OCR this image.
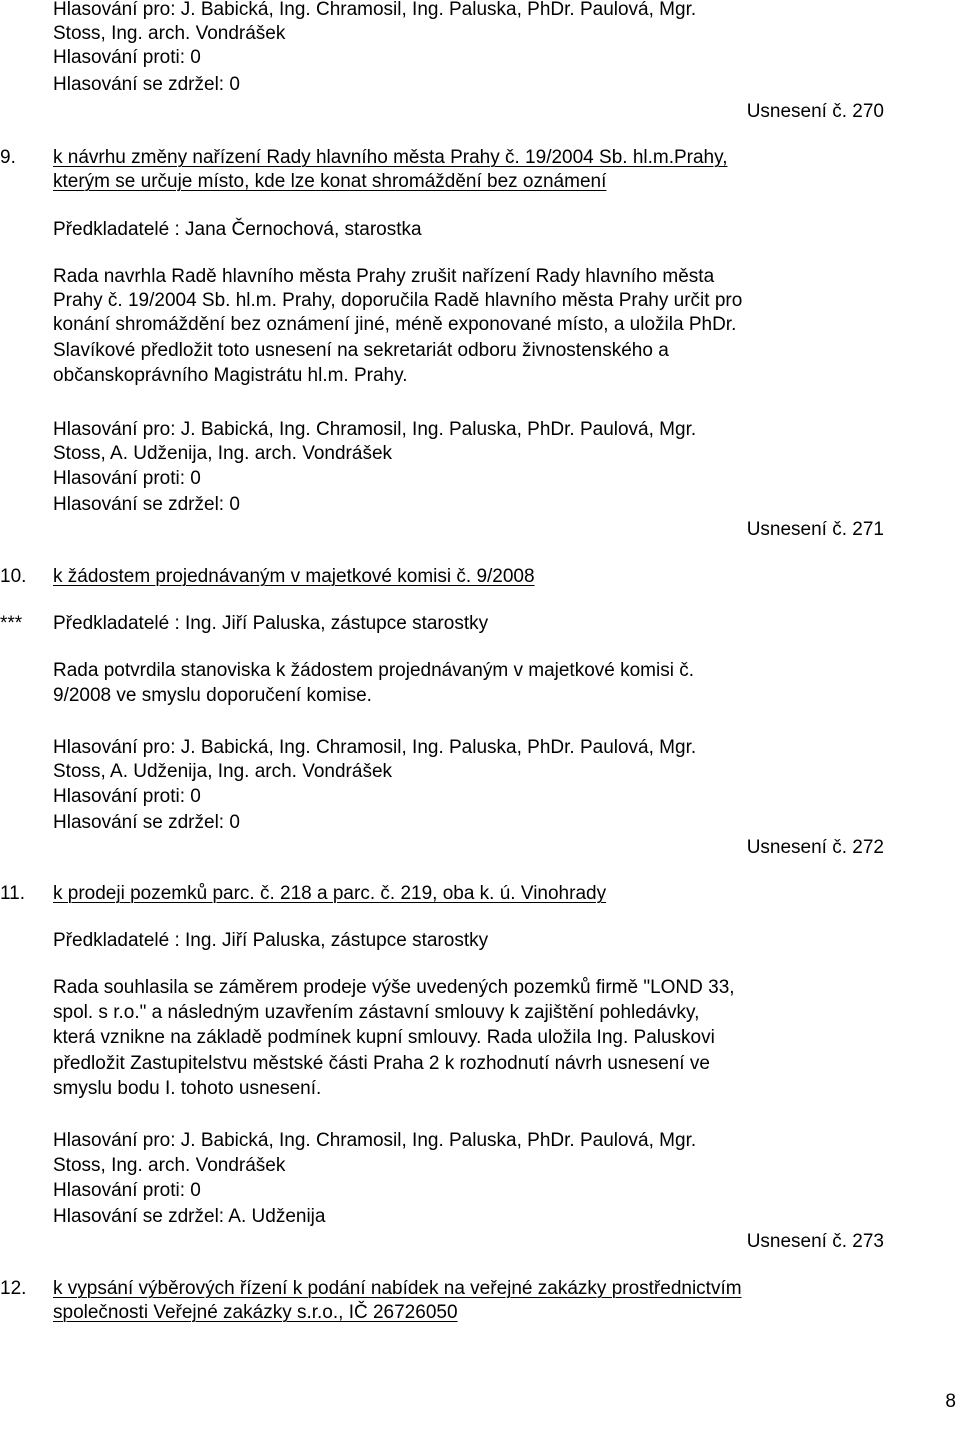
Hlasování pro: J. Babická, Ing. Chramosil, Ing. Paluska, PhDr. Paulová, Mgr.
Stoss, Ing. arch. Vondrášek
Hlasování proti: 0
Hlasování se zdržel: 0
Usnesení č. 270
9. k návrhu změny nařízení Rady hlavního města Prahy č. 19/2004 Sb. hl.m.Prahy,
kterým se určuje místo, kde lze konat shromáždění bez oznámení
Předkladatelé : Jana Černochová, starostka
Rada navrhla Radě hlavního města Prahy zrušit nařízení Rady hlavního města
Prahy č. 19/2004 Sb. hl.m. Prahy, doporučila Radě hlavního města Prahy určit pro
konání shromáždění bez oznámení jiné, méně exponované místo, a uložila PhDr.
Slavíkové předložit toto usnesení na sekretariát odboru živnostenského a
občanskoprávního Magistrátu hl.m. Prahy.
Hlasování pro: J. Babická, Ing. Chramosil, Ing. Paluska, PhDr. Paulová, Mgr.
Stoss, A. Udženija, Ing. arch. Vondrášek
Hlasování proti: 0
Hlasování se zdržel: 0
Usnesení č. 271
10. k žádostem projednávaným v majetkové komisi č. 9/2008
*** Předkladatelé : Ing. Jiří Paluska, zástupce starostky
Rada potvrdila stanoviska k žádostem projednávaným v majetkové komisi č.
9/2008 ve smyslu doporučení komise.
Hlasování pro: J. Babická, Ing. Chramosil, Ing. Paluska, PhDr. Paulová, Mgr.
Stoss, A. Udženija, Ing. arch. Vondrášek
Hlasování proti: 0
Hlasování se zdržel: 0
Usnesení č. 272
11. k prodeji pozemků parc. č. 218 a parc. č. 219, oba k. ú. Vinohrady
Předkladatelé : Ing. Jiří Paluska, zástupce starostky
Rada souhlasila se záměrem prodeje výše uvedených pozemků firmě "LOND 33,
spol. s r.o." a následným uzavřením zástavní smlouvy k zajištění pohledávky,
která vznikne na základě podmínek kupní smlouvy. Rada uložila Ing. Paluskovi
předložit Zastupitelstvu městské části Praha 2 k rozhodnutí návrh usnesení ve
smyslu bodu I. tohoto usnesení.
Hlasování pro: J. Babická, Ing. Chramosil, Ing. Paluska, PhDr. Paulová, Mgr.
Stoss, Ing. arch. Vondrášek
Hlasování proti: 0
Hlasování se zdržel: A. Udženija
Usnesení č. 273
12. k vypsání výběrových řízení k podání nabídek na veřejné zakázky prostřednictvím
společnosti Veřejné zakázky s.r.o., IČ 26726050
8
